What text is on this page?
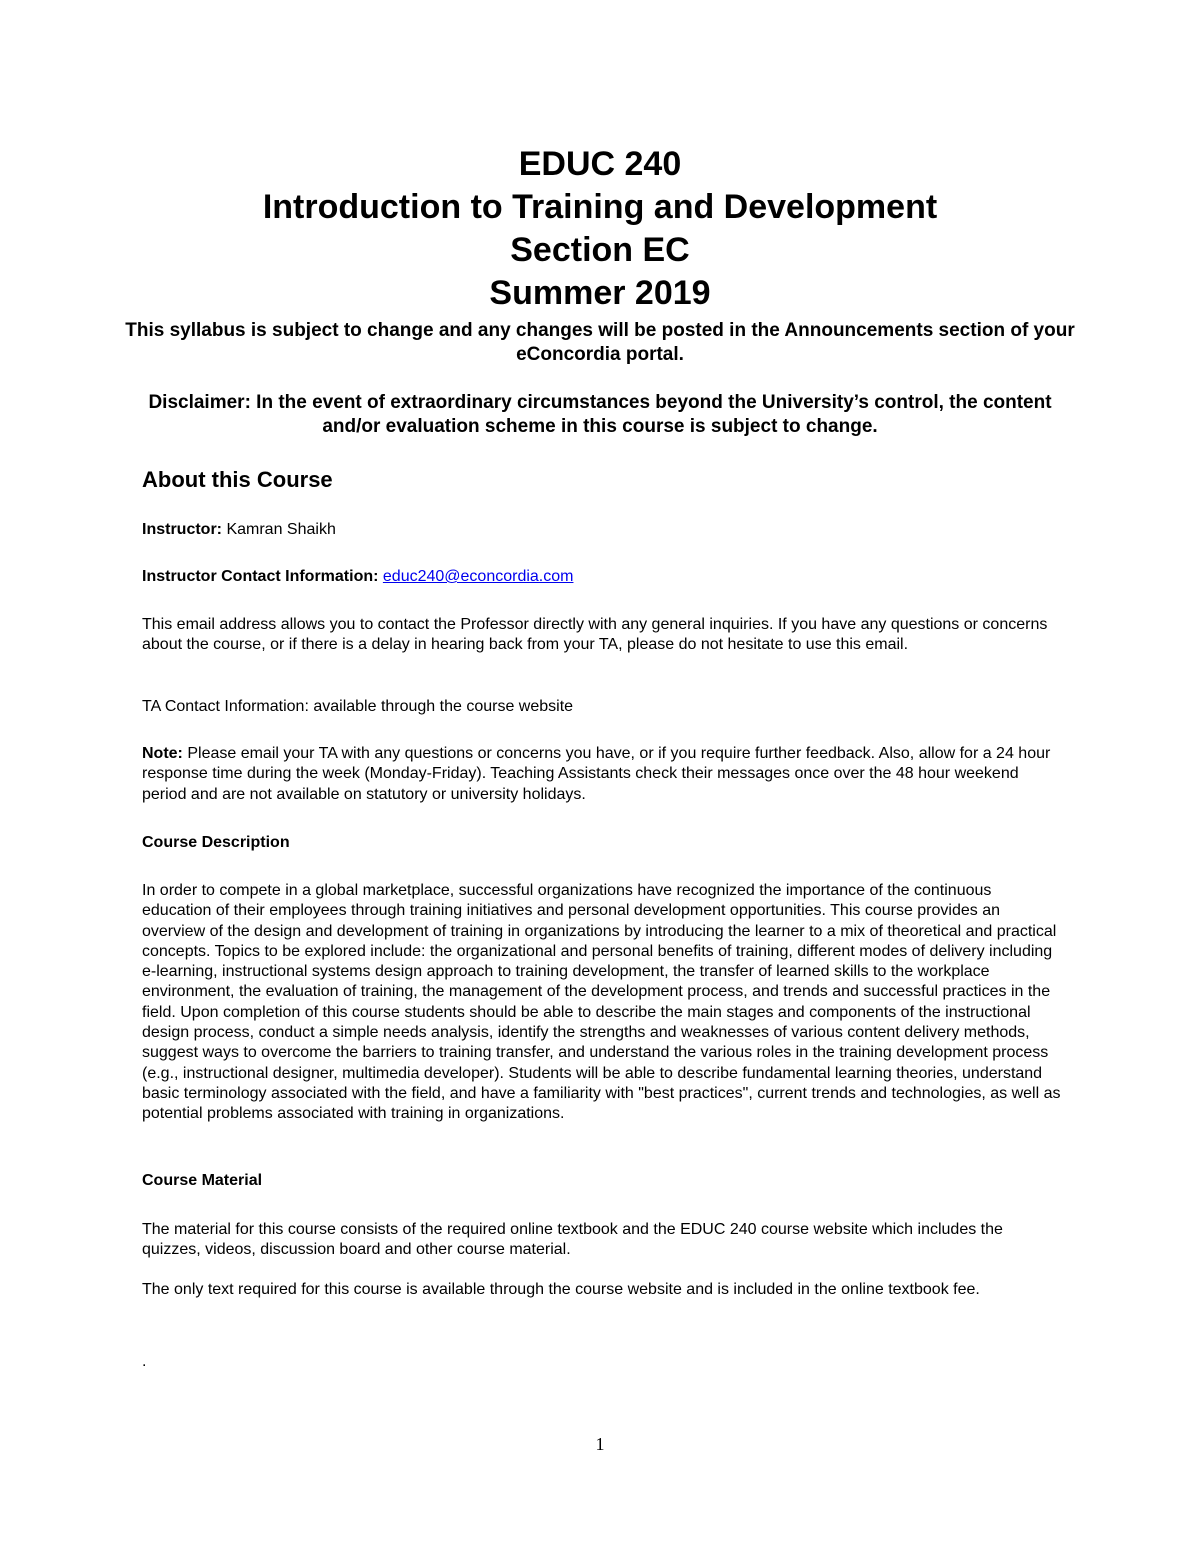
EDUC 240
Introduction to Training and Development
Section EC
Summer 2019
This syllabus is subject to change and any changes will be posted in the Announcements section of your eConcordia portal.
Disclaimer: In the event of extraordinary circumstances beyond the University’s control, the content and/or evaluation scheme in this course is subject to change.
About this Course
Instructor: Kamran Shaikh
Instructor Contact Information: educ240@econcordia.com
This email address allows you to contact the Professor directly with any general inquiries. If you have any questions or concerns about the course, or if there is a delay in hearing back from your TA, please do not hesitate to use this email.
TA Contact Information: available through the course website
Note: Please email your TA with any questions or concerns you have, or if you require further feedback. Also, allow for a 24 hour response time during the week (Monday-Friday). Teaching Assistants check their messages once over the 48 hour weekend period and are not available on statutory or university holidays.
Course Description
In order to compete in a global marketplace, successful organizations have recognized the importance of the continuous education of their employees through training initiatives and personal development opportunities. This course provides an overview of the design and development of training in organizations by introducing the learner to a mix of theoretical and practical concepts. Topics to be explored include: the organizational and personal benefits of training, different modes of delivery including e-learning, instructional systems design approach to training development, the transfer of learned skills to the workplace environment, the evaluation of training, the management of the development process, and trends and successful practices in the field. Upon completion of this course students should be able to describe the main stages and components of the instructional design process, conduct a simple needs analysis, identify the strengths and weaknesses of various content delivery methods, suggest ways to overcome the barriers to training transfer, and understand the various roles in the training development process (e.g., instructional designer, multimedia developer). Students will be able to describe fundamental learning theories, understand basic terminology associated with the field, and have a familiarity with "best practices", current trends and technologies, as well as potential problems associated with training in organizations.
Course Material
The material for this course consists of the required online textbook and the EDUC 240 course website which includes the quizzes, videos, discussion board and other course material.
The only text required for this course is available through the course website and is included in the online textbook fee.
.
1
